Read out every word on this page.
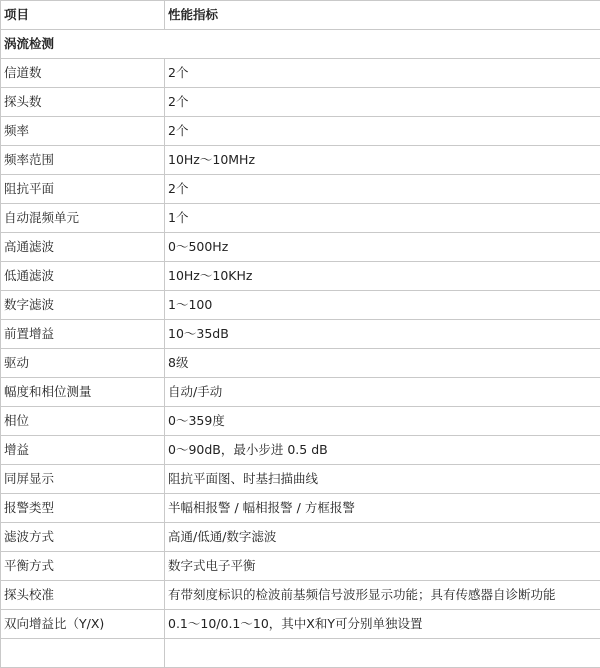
项目	性能指标
涡流检测	
信道数	2个
探头数	2个
频率	2个
频率范围	10Hz～10MHz
阻抗平面	2个
自动混频单元	1个
高通滤波	0～500Hz
低通滤波	10Hz～10KHz
数字滤波	1～100
前置增益	10～35dB
驱动	8级
幅度和相位测量	自动/手动
相位	0～359度
增益	0～90dB，最小步进 0.5 dB
同屏显示	阻抗平面图、时基扫描曲线
报警类型	半幅相报警 / 幅相报警 / 方框报警
滤波方式	高通/低通/数字滤波
平衡方式	数字式电子平衡
探头校准	有带刻度标识的检波前基频信号波形显示功能；具有传感器自诊断功能
双向增益比（Y/X)	0.1～10/0.1～10，其中X和Y可分别单独设置
